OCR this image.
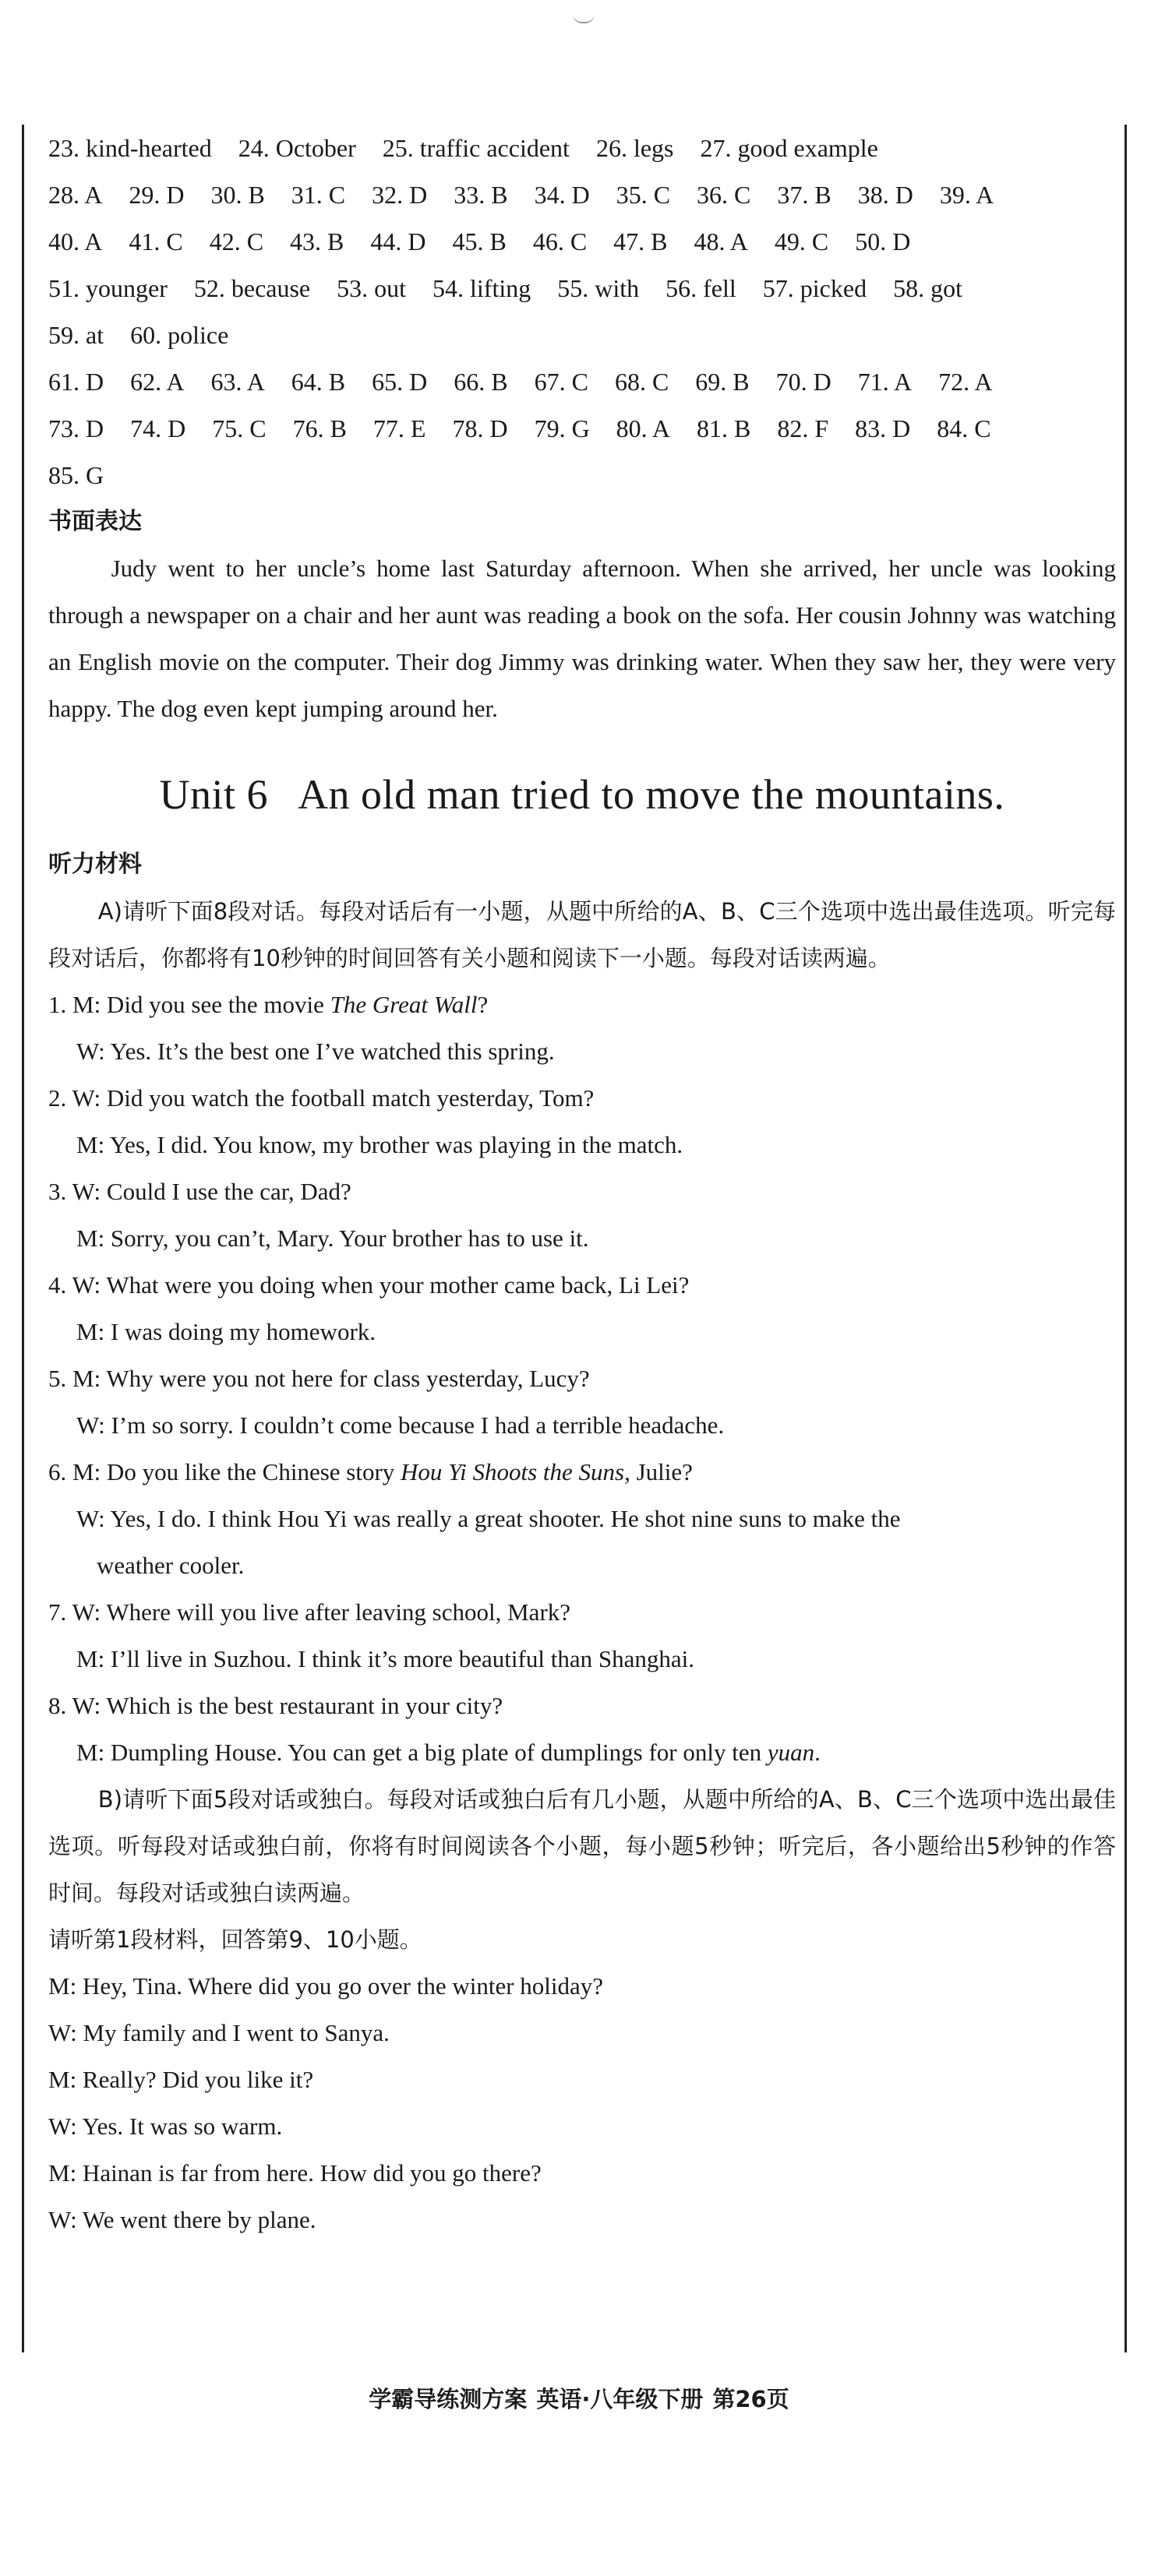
23. kind-hearted 24. October 25. traffic accident 26. legs 27. good example
28. A 29. D 30. B 31. C 32. D 33. B 34. D 35. C 36. C 37. B 38. D 39. A
40. A 41. C 42. C 43. B 44. D 45. B 46. C 47. B 48. A 49. C 50. D
51. younger 52. because 53. out 54. lifting 55. with 56. fell 57. picked 58. got
59. at 60. police
61. D 62. A 63. A 64. B 65. D 66. B 67. C 68. C 69. B 70. D 71. A 72. A
73. D 74. D 75. C 76. B 77. E 78. D 79. G 80. A 81. B 82. F 83. D 84. C
85. G
书面表达
Judy went to her uncle’s home last Saturday afternoon. When she arrived, her uncle was looking through a newspaper on a chair and her aunt was reading a book on the sofa. Her cousin Johnny was watching an English movie on the computer. Their dog Jimmy was drinking water. When they saw her, they were very happy. The dog even kept jumping around her.
Unit 6 An old man tried to move the mountains.
听力材料
A)请听下面8段对话。每段对话后有一小题，从题中所给的A、B、C三个选项中选出最佳选项。听完每段对话后，你都将有10秒钟的时间回答有关小题和阅读下一小题。每段对话读两遍。
1. M: Did you see the movie The Great Wall?
W: Yes. It’s the best one I’ve watched this spring.
2. W: Did you watch the football match yesterday, Tom?
M: Yes, I did. You know, my brother was playing in the match.
3. W: Could I use the car, Dad?
M: Sorry, you can’t, Mary. Your brother has to use it.
4. W: What were you doing when your mother came back, Li Lei?
M: I was doing my homework.
5. M: Why were you not here for class yesterday, Lucy?
W: I’m so sorry. I couldn’t come because I had a terrible headache.
6. M: Do you like the Chinese story Hou Yi Shoots the Suns, Julie?
W: Yes, I do. I think Hou Yi was really a great shooter. He shot nine suns to make the
weather cooler.
7. W: Where will you live after leaving school, Mark?
M: I’ll live in Suzhou. I think it’s more beautiful than Shanghai.
8. W: Which is the best restaurant in your city?
M: Dumpling House. You can get a big plate of dumplings for only ten yuan.
B)请听下面5段对话或独白。每段对话或独白后有几小题，从题中所给的A、B、C三个选项中选出最佳选项。听每段对话或独白前，你将有时间阅读各个小题，每小题5秒钟；听完后，各小题给出5秒钟的作答时间。每段对话或独白读两遍。
请听第1段材料，回答第9、10小题。
M: Hey, Tina. Where did you go over the winter holiday?
W: My family and I went to Sanya.
M: Really? Did you like it?
W: Yes. It was so warm.
M: Hainan is far from here. How did you go there?
W: We went there by plane.
学霸导练测方案 英语·八年级下册 第26页
